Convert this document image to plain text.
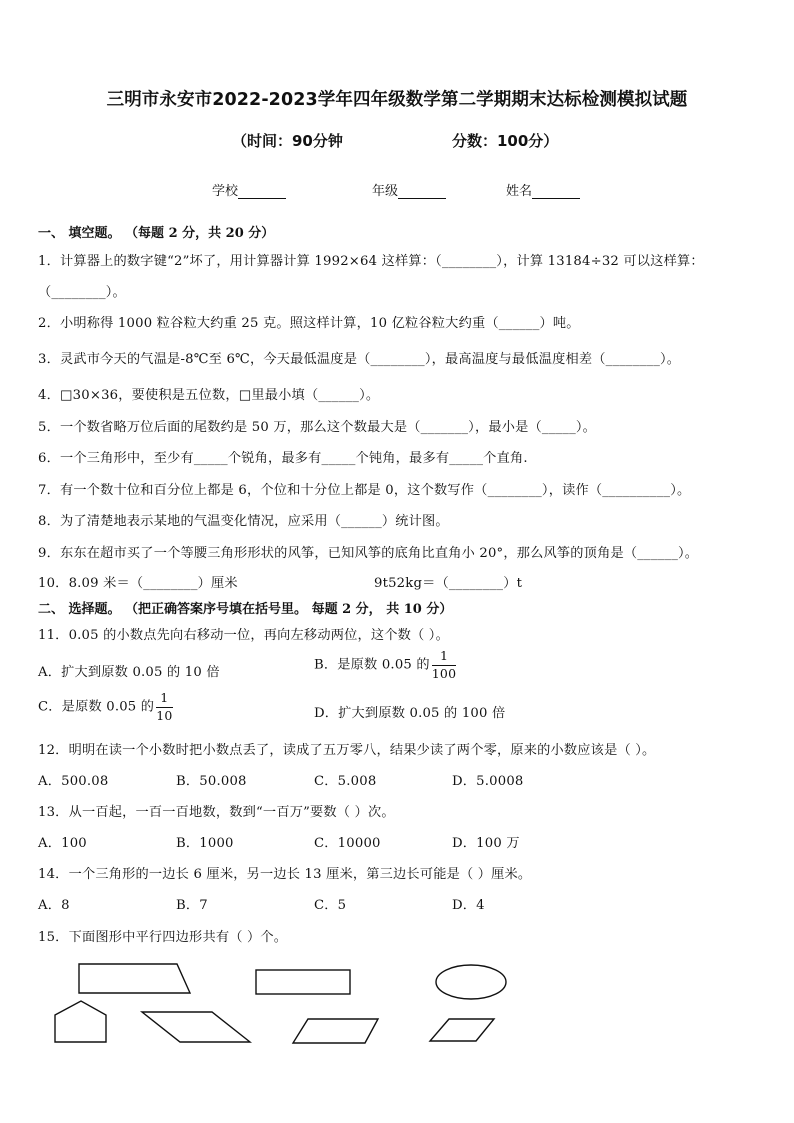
三明市永安市2022-2023学年四年级数学第二学期期末达标检测模拟试题
（时间：90分钟	分数：100分）
学校	年级	姓名
一、 填空题。 （每题 2 分，共 20 分）
1．计算器上的数字键“2”坏了，用计算器计算 1992×64 这样算：（________），计算 13184÷32 可以这样算：
（________）。
2．小明称得 1000 粒谷粒大约重 25 克。照这样计算，10 亿粒谷粒大约重（______）吨。
3．灵武市今天的气温是-8℃至 6℃，今天最低温度是（________），最高温度与最低温度相差（________）。
4．□30×36，要使积是五位数，□里最小填（______）。
5．一个数省略万位后面的尾数约是 50 万，那么这个数最大是（_______），最小是（_____）。
6．一个三角形中，至少有_____个锐角，最多有_____个钝角，最多有_____个直角.
7．有一个数十位和百分位上都是 6，个位和十分位上都是 0，这个数写作（________），读作（__________）。
8．为了清楚地表示某地的气温变化情况，应采用（______）统计图。
9．东东在超市买了一个等腰三角形形状的风筝，已知风筝的底角比直角小 20°，那么风筝的顶角是（______）。
10．8.09 米＝（________）厘米	9t52kg＝（________）t
二、 选择题。 （把正确答案序号填在括号里。 每题 2 分， 共 10 分）
11．0.05 的小数点先向右移动一位，再向左移动两位，这个数（ ）。
A．扩大到原数 0.05 的 10 倍	B．是原数 0.05 的 $\frac{1}{100}$
C．是原数 0.05 的 $\frac{1}{10}$	D．扩大到原数 0.05 的 100 倍
12．明明在读一个小数时把小数点丢了，读成了五万零八，结果少读了两个零，原来的小数应该是（ ）。
A．500.08	B．50.008	C．5.008	D．5.0008
13．从一百起，一百一百地数，数到“一百万”要数（ ）次。
A．100	B．1000	C．10000	D．100 万
14．一个三角形的一边长 6 厘米，另一边长 13 厘米，第三边长可能是（ ）厘米。
A．8	B．7	C．5	D．4
15．下面图形中平行四边形共有（ ）个。
